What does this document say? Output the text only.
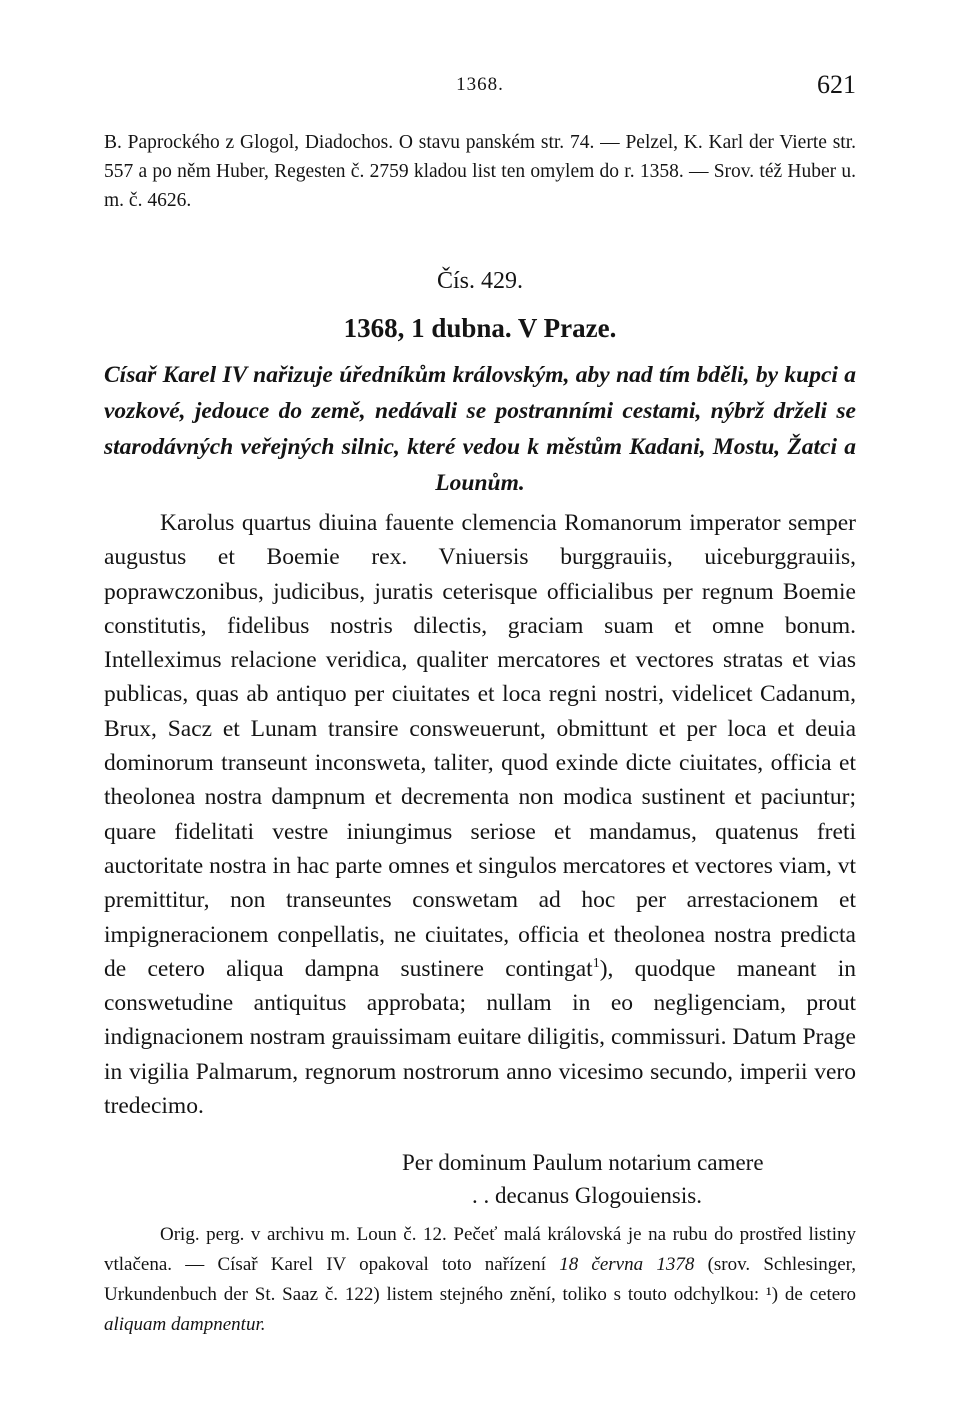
1368.	621

B. Paprockého z Glogol, Diadochos. O stavu panském str. 74. — Pelzel, K. Karl der Vierte str. 557 a po něm Huber, Regesten č. 2759 kladou list ten omylem do r. 1358. — Srov. též Huber u. m. č. 4626.

Čís. 429.
1368, 1 dubna. V Praze.

Císař Karel IV nařizuje úředníkům královským, aby nad tím bděli, by kupci a vozkové, jedouce do země, nedávali se postranními cestami, nýbrž drželi se starodávných veřejných silnic, které vedou k městům Kadani, Mostu, Žatci a Lounům.

Karolus quartus diuina fauente clemencia Romanorum imperator semper augustus et Boemie rex. Vniuersis burggrauiis, uiceburggrauiis, poprawczonibus, judicibus, juratis ceterisque officialibus per regnum Boemie constitutis, fidelibus nostris dilectis, graciam suam et omne bonum. Intelleximus relacione veridica, qualiter mercatores et vectores stratas et vias publicas, quas ab antiquo per ciuitates et loca regni nostri, videlicet Cadanum, Brux, Sacz et Lunam transire consweuerunt, obmittunt et per loca et deuia dominorum transeunt inconsweta, taliter, quod exinde dicte ciuitates, officia et theolonea nostra dampnum et decrementa non modica sustinent et paciuntur; quare fidelitati vestre iniungimus seriose et mandamus, quatenus freti auctoritate nostra in hac parte omnes et singulos mercatores et vectores viam, vt premittitur, non transeuntes conswetam ad hoc per arrestacionem et impigneracionem conpellatis, ne ciuitates, officia et theolonea nostra predicta de cetero aliqua dampna sustinere contingat$^1$), quodque maneant in conswetudine antiquitus approbata; nullam in eo negligenciam, prout indignacionem nostram grauissimam euitare diligitis, commissuri. Datum Prage in vigilia Palmarum, regnorum nostrorum anno vicesimo secundo, imperii vero tredecimo.

Per dominum Paulum notarium camere
. . decanus Glogouiensis.

Orig. perg. v archivu m. Loun č. 12. Pečeť malá královská je na rubu do prostřed listiny vtlačena. — Císař Karel IV opakoval toto nařízení 18 června 1378 (srov. Schlesinger, Urkundenbuch der St. Saaz č. 122) listem stejného znění, toliko s touto odchylkou: ¹) de cetero aliquam dampnentur.
